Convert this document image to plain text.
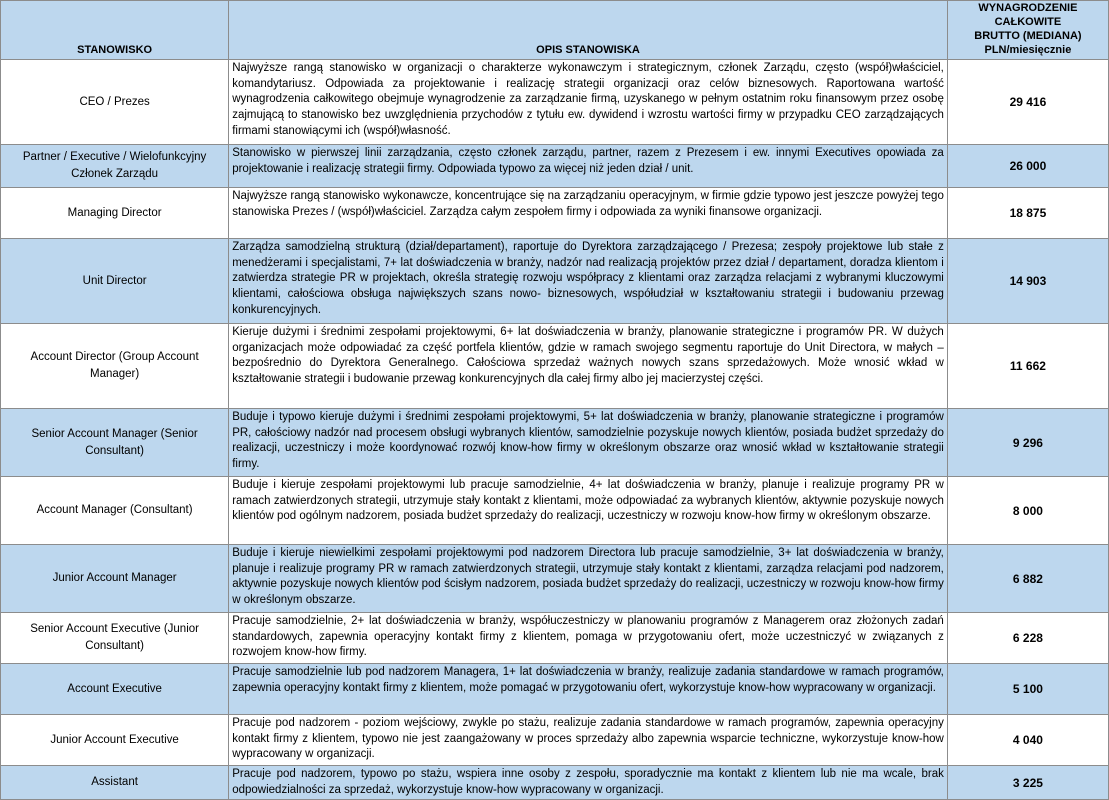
STANOWISKO	OPIS STANOWISKA	WYNAGRODZENIE CAŁKOWITE
BRUTTO (MEDIANA)
PLN/miesięcznie
CEO / Prezes	Najwyższe rangą stanowisko w organizacji o charakterze wykonawczym i strategicznym, członek Zarządu, często (współ)właściciel, komandytariusz. Odpowiada za projektowanie i realizację strategii organizacji oraz celów biznesowych. Raportowana wartość wynagrodzenia całkowitego obejmuje wynagrodzenie za zarządzanie firmą, uzyskanego w pełnym ostatnim roku finansowym przez osobę zajmującą to stanowisko bez uwzględnienia przychodów z tytułu ew. dywidend i wzrostu wartości firmy w przypadku CEO zarządzających firmami stanowiącymi ich (współ)własność.	29 416
Partner / Executive / Wielofunkcyjny Członek Zarządu	Stanowisko w pierwszej linii zarządzania, często członek zarządu, partner, razem z Prezesem i ew. innymi Executives opowiada za projektowanie i realizację strategii firmy. Odpowiada typowo za więcej niż jeden dział / unit.	26 000
Managing Director	Najwyższe rangą stanowisko wykonawcze, koncentrujące się na zarządzaniu operacyjnym, w firmie gdzie typowo jest jeszcze powyżej tego stanowiska Prezes / (współ)właściciel. Zarządza całym zespołem firmy i odpowiada za wyniki finansowe organizacji.	18 875
Unit Director	Zarządza samodzielną strukturą (dział/departament), raportuje do Dyrektora zarządzającego / Prezesa; zespoły projektowe lub stałe z menedżerami i specjalistami, 7+ lat doświadczenia w branży, nadzór nad realizacją projektów przez dział / departament, doradza klientom i zatwierdza strategie PR w projektach, określa strategię rozwoju współpracy z klientami oraz zarządza relacjami z wybranymi kluczowymi klientami, całościowa obsługa największych szans nowo- biznesowych, współudział w kształtowaniu strategii i budowaniu przewag konkurencyjnych.	14 903
Account Director (Group Account Manager)	Kieruje dużymi i średnimi zespołami projektowymi, 6+ lat doświadczenia w branży, planowanie strategiczne i programów PR. W dużych organizacjach może odpowiadać za część portfela klientów, gdzie w ramach swojego segmentu raportuje do Unit Directora, w małych – bezpośrednio do Dyrektora Generalnego. Całościowa sprzedaż ważnych nowych szans sprzedażowych. Może wnosić wkład w kształtowanie strategii i budowanie przewag konkurencyjnych dla całej firmy albo jej macierzystej części.	11 662
Senior Account Manager (Senior Consultant)	Buduje i typowo kieruje dużymi i średnimi zespołami projektowymi, 5+ lat doświadczenia w branży, planowanie strategiczne i programów PR, całościowy nadzór nad procesem obsługi wybranych klientów, samodzielnie pozyskuje nowych klientów, posiada budżet sprzedaży do realizacji, uczestniczy i może koordynować rozwój know-how firmy w określonym obszarze oraz wnosić wkład w kształtowanie strategii firmy.	9 296
Account Manager (Consultant)	Buduje i kieruje zespołami projektowymi lub pracuje samodzielnie, 4+ lat doświadczenia w branży, planuje i realizuje programy PR w ramach zatwierdzonych strategii, utrzymuje stały kontakt z klientami, może odpowiadać za wybranych klientów, aktywnie pozyskuje nowych klientów pod ogólnym nadzorem, posiada budżet sprzedaży do realizacji, uczestniczy w rozwoju know-how firmy w określonym obszarze.	8 000
Junior Account Manager	Buduje i kieruje niewielkimi zespołami projektowymi pod nadzorem Directora lub pracuje samodzielnie, 3+ lat doświadczenia w branży, planuje i realizuje programy PR w ramach zatwierdzonych strategii, utrzymuje stały kontakt z klientami, zarządza relacjami pod nadzorem, aktywnie pozyskuje nowych klientów pod ścisłym nadzorem, posiada budżet sprzedaży do realizacji, uczestniczy w rozwoju know-how firmy w określonym obszarze.	6 882
Senior Account Executive (Junior Consultant)	Pracuje samodzielnie, 2+ lat doświadczenia w branży, współuczestniczy w planowaniu programów z Managerem oraz złożonych zadań standardowych, zapewnia operacyjny kontakt firmy z klientem, pomaga w przygotowaniu ofert, może uczestniczyć w związanych z rozwojem know-how firmy.	6 228
Account Executive	Pracuje samodzielnie lub pod nadzorem Managera, 1+ lat doświadczenia w branży, realizuje zadania standardowe w ramach programów, zapewnia operacyjny kontakt firmy z klientem, może pomagać w przygotowaniu ofert, wykorzystuje know-how wypracowany w organizacji.	5 100
Junior Account Executive	Pracuje pod nadzorem - poziom wejściowy, zwykle po stażu, realizuje zadania standardowe w ramach programów, zapewnia operacyjny kontakt firmy z klientem, typowo nie jest zaangażowany w proces sprzedaży albo zapewnia wsparcie techniczne, wykorzystuje know-how wypracowany w organizacji.	4 040
Assistant	Pracuje pod nadzorem, typowo po stażu, wspiera inne osoby z zespołu, sporadycznie ma kontakt z klientem lub nie ma wcale, brak odpowiedzialności za sprzedaż, wykorzystuje know-how wypracowany w organizacji.	3 225
